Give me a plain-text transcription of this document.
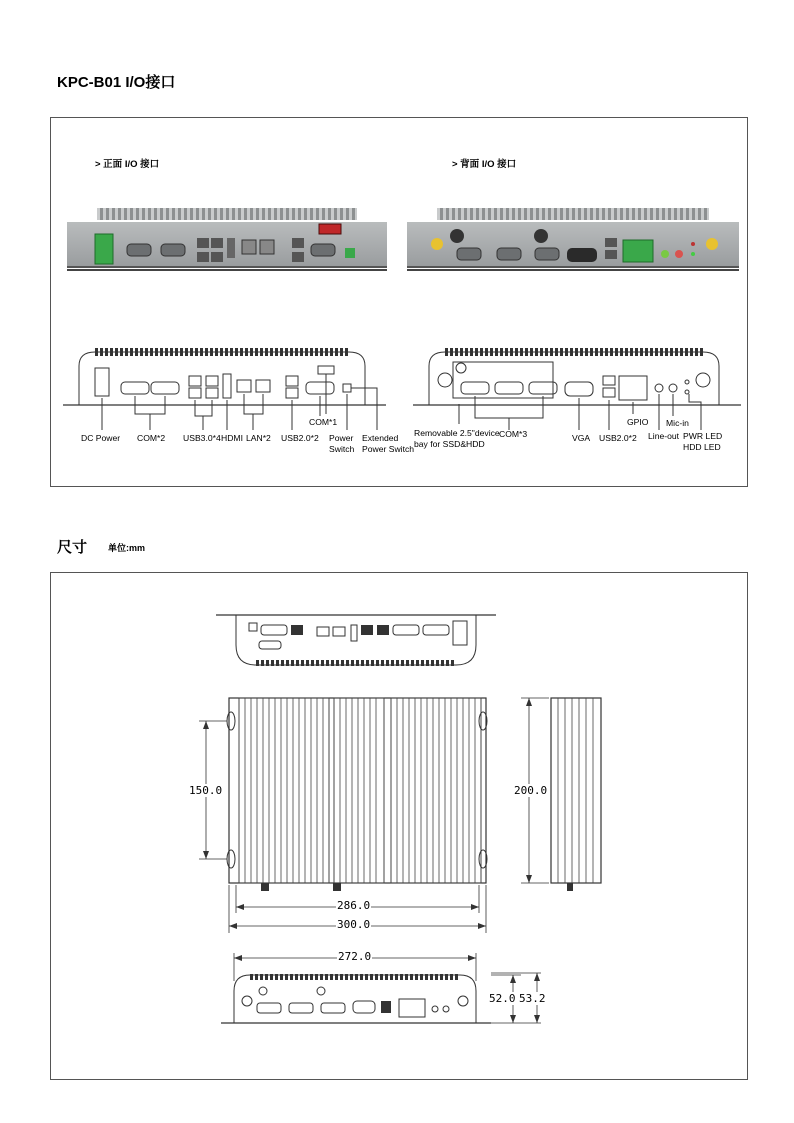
KPC-B01 I/O接口
> 正面 I/O 接口	> 背面 I/O 接口
DC Power COM*2 USB3.0*4 HDMI LAN*2 USB2.0*2
COM*1
Power
Switch
Extended
Power Switch
Removable 2.5"device
bay for SSD&HDD
COM*3	VGA USB2.0*2
GPIO
Line-out
Mic-in
PWR LED
HDD LED
尺寸 单位:mm
150.0	200.0
286.0
300.0
272.0
52.0 53.2
